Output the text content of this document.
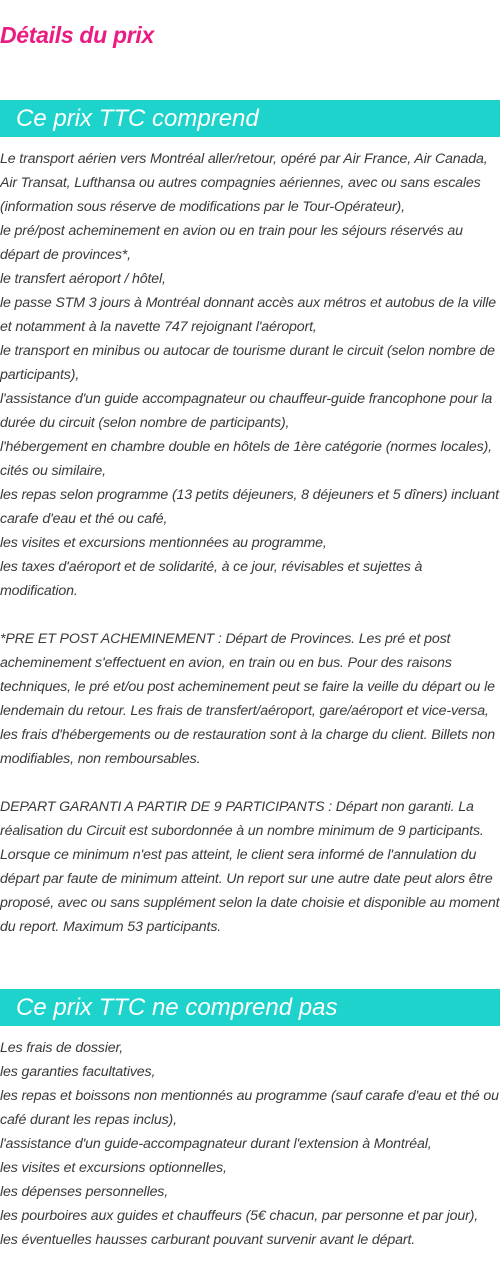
Détails du prix
Ce prix TTC comprend
Le transport aérien vers Montréal aller/retour, opéré par Air France, Air Canada, Air Transat, Lufthansa ou autres compagnies aériennes, avec ou sans escales (information sous réserve de modifications par le Tour-Opérateur),
le pré/post acheminement en avion ou en train pour les séjours réservés au départ de provinces*,
le transfert aéroport / hôtel,
le passe STM 3 jours à Montréal donnant accès aux métros et autobus de la ville et notamment à la navette 747 rejoignant l'aéroport,
le transport en minibus ou autocar de tourisme durant le circuit (selon nombre de participants),
l'assistance d'un guide accompagnateur ou chauffeur-guide francophone pour la durée du circuit (selon nombre de participants),
l'hébergement en chambre double en hôtels de 1ère catégorie (normes locales), cités ou similaire,
les repas selon programme (13 petits déjeuners, 8 déjeuners et 5 dîners) incluant carafe d'eau et thé ou café,
les visites et excursions mentionnées au programme,
les taxes d'aéroport et de solidarité, à ce jour, révisables et sujettes à modification.
*PRE ET POST ACHEMINEMENT : Départ de Provinces. Les pré et post acheminement s'effectuent en avion, en train ou en bus. Pour des raisons techniques, le pré et/ou post acheminement peut se faire la veille du départ ou le lendemain du retour. Les frais de transfert/aéroport, gare/aéroport et vice-versa, les frais d'hébergements ou de restauration sont à la charge du client. Billets non modifiables, non remboursables.
DEPART GARANTI A PARTIR DE 9 PARTICIPANTS : Départ non garanti. La réalisation du Circuit est subordonnée à un nombre minimum de 9 participants. Lorsque ce minimum n'est pas atteint, le client sera informé de l'annulation du départ par faute de minimum atteint. Un report sur une autre date peut alors être proposé, avec ou sans supplément selon la date choisie et disponible au moment du report. Maximum 53 participants.
Ce prix TTC ne comprend pas
Les frais de dossier,
les garanties facultatives,
les repas et boissons non mentionnés au programme (sauf carafe d'eau et thé ou café durant les repas inclus),
l'assistance d'un guide-accompagnateur durant l'extension à Montréal,
les visites et excursions optionnelles,
les dépenses personnelles,
les pourboires aux guides et chauffeurs (5€ chacun, par personne et par jour),
les éventuelles hausses carburant pouvant survenir avant le départ.
